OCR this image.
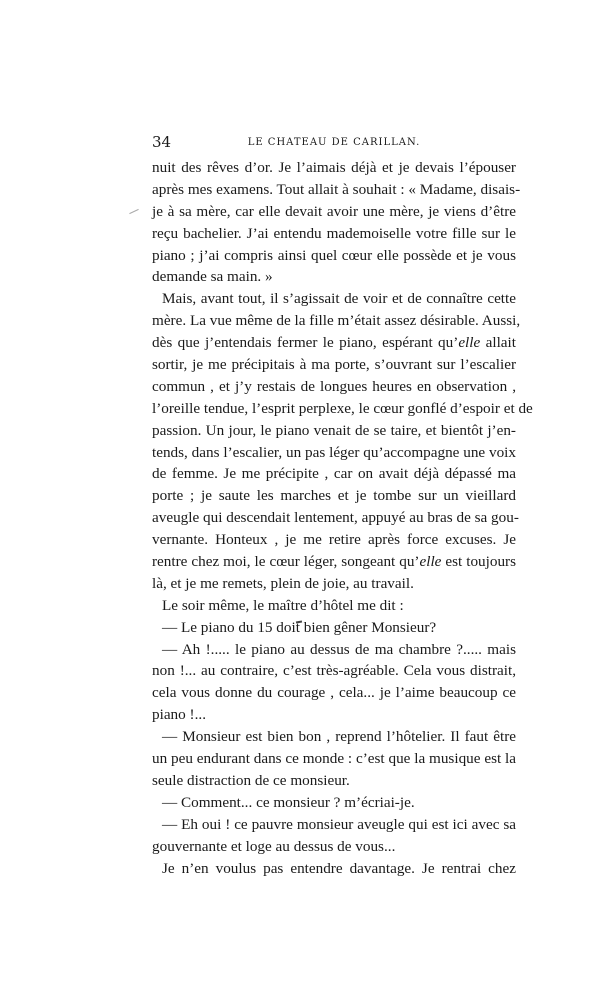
34	LE CHATEAU DE CARILLAN.
nuit des rêves d’or. Je l’aimais déjà et je devais l’épouser
après mes examens. Tout allait à souhait : « Madame, disais-
je à sa mère, car elle devait avoir une mère, je viens d’être
reçu bachelier. J’ai entendu mademoiselle votre fille sur le
piano ; j’ai compris ainsi quel cœur elle possède et je vous
demande sa main. »
Mais, avant tout, il s’agissait de voir et de connaître cette
mère. La vue même de la fille m’était assez désirable. Aussi,
dès que j’entendais fermer le piano, espérant qu’elle allait
sortir, je me précipitais à ma porte, s’ouvrant sur l’escalier
commun , et j’y restais de longues heures en observation ,
l’oreille tendue, l’esprit perplexe, le cœur gonflé d’espoir et de
passion. Un jour, le piano venait de se taire, et bientôt j’en-
tends, dans l’escalier, un pas léger qu’accompagne une voix
de femme. Je me précipite , car on avait déjà dépassé ma
porte ; je saute les marches et je tombe sur un vieillard
aveugle qui descendait lentement, appuyé au bras de sa gou-
vernante. Honteux , je me retire après force excuses. Je
rentre chez moi, le cœur léger, songeant qu’elle est toujours
là, et je me remets, plein de joie, au travail.
Le soir même, le maître d’hôtel me dit :
— Le piano du 15 doit bien gêner Monsieur?
— Ah !..... le piano au dessus de ma chambre ?..... mais
non !... au contraire, c’est très-agréable. Cela vous distrait,
cela vous donne du courage , cela... je l’aime beaucoup ce
piano !...
— Monsieur est bien bon , reprend l’hôtelier. Il faut être
un peu endurant dans ce monde : c’est que la musique est la
seule distraction de ce monsieur.
— Comment... ce monsieur ? m’écriai-je.
— Eh oui ! ce pauvre monsieur aveugle qui est ici avec sa
gouvernante et loge au dessus de vous...
Je n’en voulus pas entendre davantage. Je rentrai chez
